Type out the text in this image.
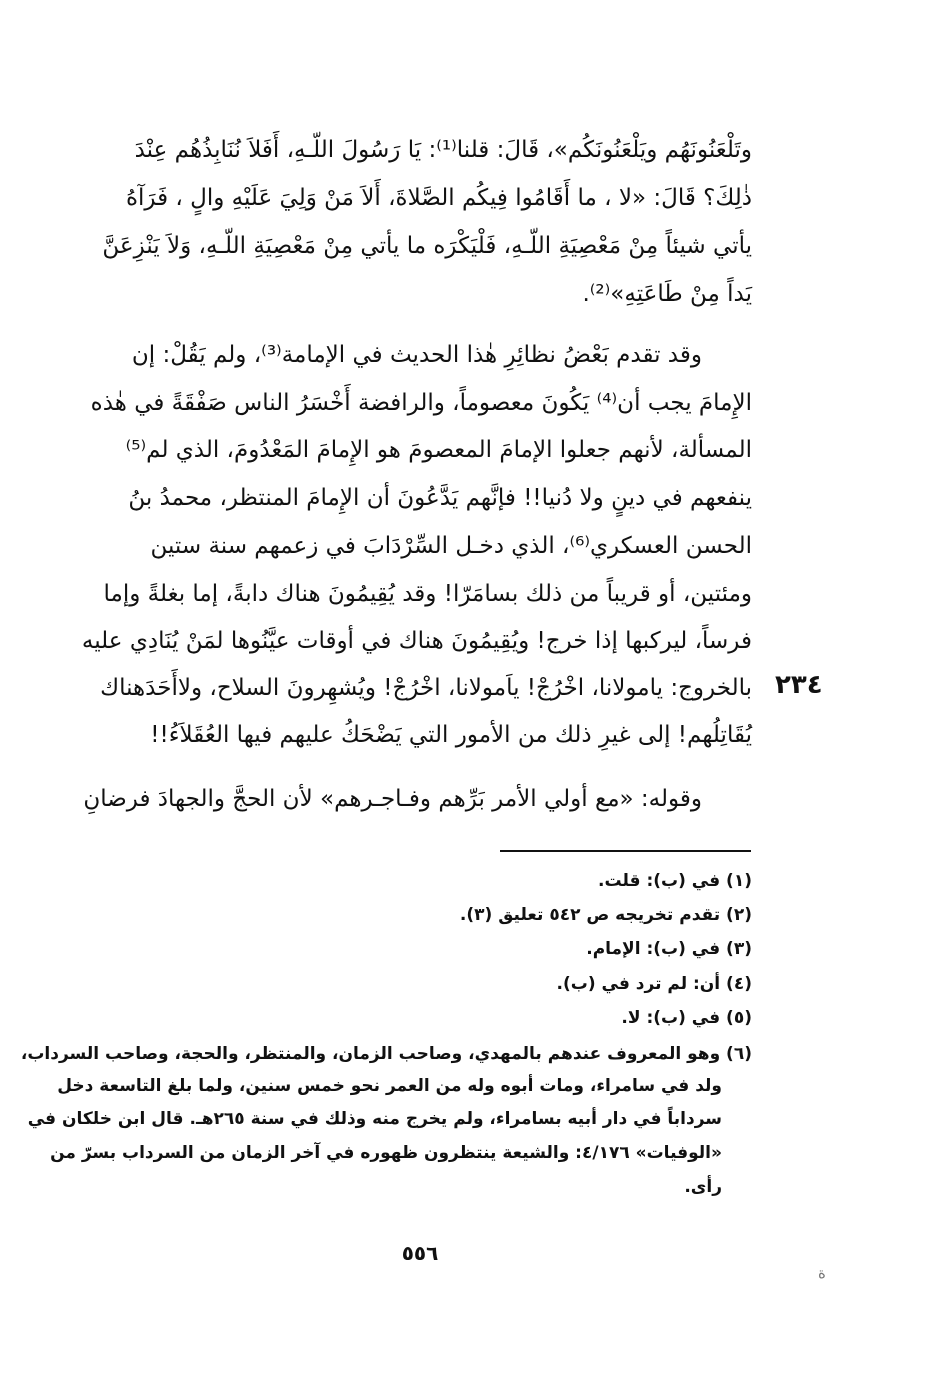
وتَلْعَنُونَهُم ويَلْعَنُونَكُم»، قَالَ: قلنا⁽¹⁾: يَا رَسُولَ اللّـهِ، أَفَلاَ نُنَابِذُهُم عِنْدَ
ذٰلِكَ؟ قَالَ: «لا ، ما أَقَامُوا فِيكُم الصَّلاةَ، أَلاَ مَنْ وَلِيَ عَلَيْهِ والٍ ، فَرَآهُ
يأتي شيئاً مِنْ مَعْصِيَةِ اللّـهِ، فَلْيَكْرَه ما يأتي مِنْ مَعْصِيَةِ اللّـهِ، وَلاَ يَنْزِعَنَّ
يَداً مِنْ طَاعَتِهِ»⁽²⁾.
وقد تقدم بَعْضُ نظائِرِ هٰذا الحديث في الإمامة⁽³⁾، ولم يَقُلْ: إن
الإِمامَ يجب أن⁽⁴⁾ يَكُونَ معصوماً، والرافضة أَخْسَرُ الناس صَفْقَةً في هٰذه
المسألة، لأنهم جعلوا الإمامَ المعصومَ هو الإِمامَ المَعْدُومَ، الذي لم⁽⁵⁾
ينفعهم في دينٍ ولا دُنيا!! فإنَّهم يَدَّعُونَ أن الإِمامَ المنتظر، محمدُ بنُ
الحسن العسكري⁽⁶⁾، الذي دخـل السِّرْدَابَ في زعمهم سنة ستين
ومئتين، أو قريباً من ذلك بسامَرّا! وقد يُقِيمُونَ هناك دابةً، إما بغلةً وإما
فرساً، ليركبها إذا خرج! ويُقِيمُونَ هناك في أوقات عيَّنُوها لمَنْ يُنَادِي عليه
بالخروج: يامولانا، اخْرُجْ! ياَمولانا، اخْرُجْ! ويُشهِرونَ السلاح، ولاأَحَدَهناك
يُقَاتِلُهم! إلى غيرِ ذلك من الأمور التي يَضْحَكُ عليهم فيها العُقَلاَءُ!!
وقوله: «مع أولي الأمر بَرِّهم وفـاجـرهم» لأن الحجَّ والجهادَ فرضانِ
٢٣٤
(١) في (ب): قلت.
(٢) تقدم تخريجه ص ٥٤٢ تعليق (٣).
(٣) في (ب): الإمام.
(٤) أن: لم ترد في (ب).
(٥) في (ب): لا.
(٦) وهو المعروف عندهم بالمهدي، وصاحب الزمان، والمنتظر، والحجة، وصاحب السرداب،
ولد في سامراء، ومات أبوه وله من العمر نحو خمس سنين، ولما بلغ التاسعة دخل
سرداباً في دار أبيه بسامراء، ولم يخرج منه وذلك في سنة ٢٦٥هـ. قال ابن خلكان في
«الوفيات» ٤/١٧٦: والشيعة ينتظرون ظهوره في آخر الزمان من السرداب بسرّ من
رأى.
٥٥٦
ة
